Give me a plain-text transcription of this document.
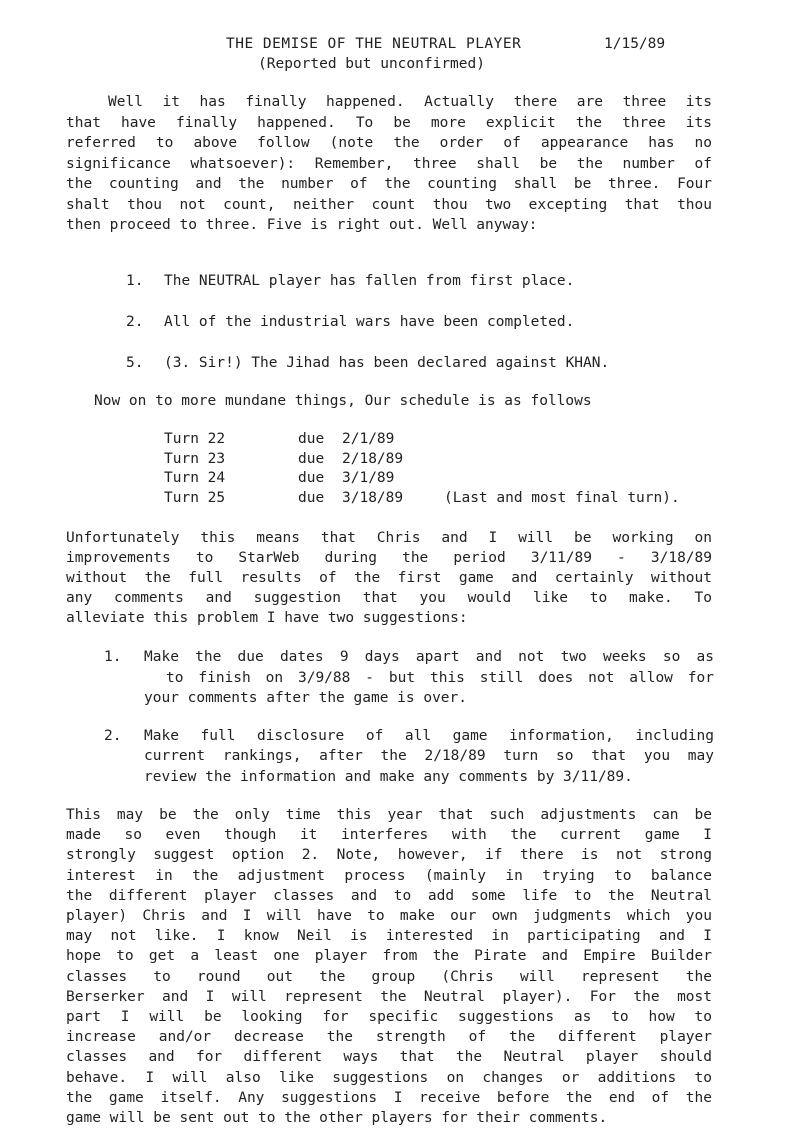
THE DEMISE OF THE NEUTRAL PLAYER	1/15/89
(Reported but unconfirmed)
Well it has finally happened. Actually there are three its
that have finally happened. To be more explicit the three its
referred to above follow (note the order of appearance has no
significance whatsoever): Remember, three shall be the number of
the counting and the number of the counting shall be three. Four
shalt thou not count, neither count thou two excepting that thou
then proceed to three. Five is right out. Well anyway:
1.	The NEUTRAL player has fallen from first place.
2.	All of the industrial wars have been completed.
5.	(3. Sir!) The Jihad has been declared against KHAN.
Now on to more mundane things, Our schedule is as follows
Turn 22	due	2/1/89
Turn 23	due	2/18/89
Turn 24	due	3/1/89
Turn 25	due	3/18/89	(Last and most final turn).
Unfortunately this means that Chris and I will be working on
improvements to StarWeb during the period 3/11/89 - 3/18/89
without the full results of the first game and certainly without
any comments and suggestion that you would like to make. To
alleviate this problem I have two suggestions:
1.	Make the due dates 9 days apart and not two weeks so as
to finish on 3/9/88 - but this still does not allow for
your comments after the game is over.
2.	Make full disclosure of all game information, including
current rankings, after the 2/18/89 turn so that you may
review the information and make any comments by 3/11/89.
This may be the only time this year that such adjustments can be
made so even though it interferes with the current game I
strongly suggest option 2. Note, however, if there is not strong
interest in the adjustment process (mainly in trying to balance
the different player classes and to add some life to the Neutral
player) Chris and I will have to make our own judgments which you
may not like. I know Neil is interested in participating and I
hope to get a least one player from the Pirate and Empire Builder
classes to round out the group (Chris will represent the
Berserker and I will represent the Neutral player). For the most
part I will be looking for specific suggestions as to how to
increase and/or decrease the strength of the different player
classes and for different ways that the Neutral player should
behave. I will also like suggestions on changes or additions to
the game itself. Any suggestions I receive before the end of the
game will be sent out to the other players for their comments.
